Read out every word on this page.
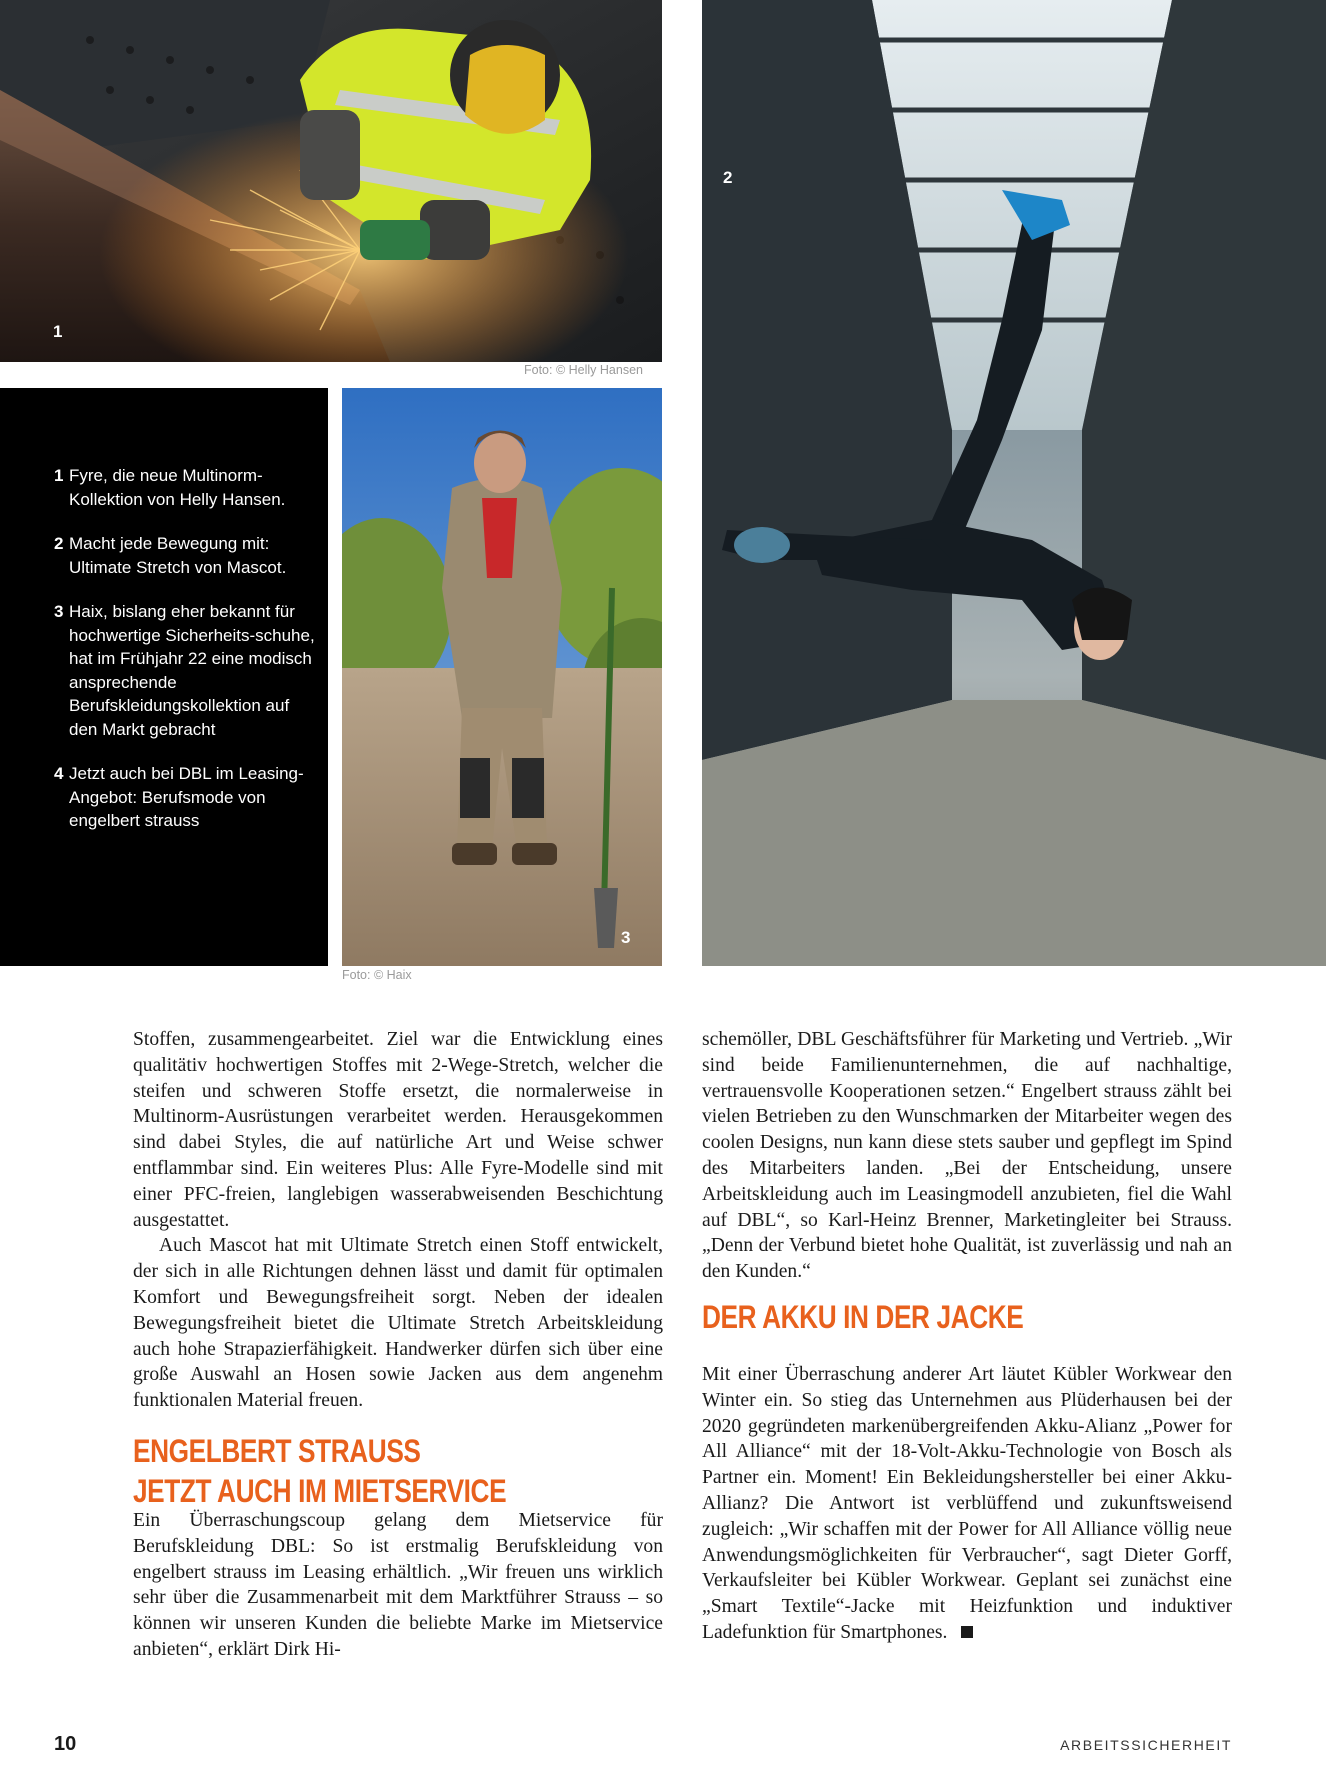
1
Foto: © Helly Hansen
2
1 Fyre, die neue Multinorm-Kollektion von Helly Hansen.
2 Macht jede Bewegung mit: Ultimate Stretch von Mascot.
3 Haix, bislang eher bekannt für hochwertige Sicherheits-schuhe, hat im Frühjahr 22 eine modisch ansprechende Berufskleidungskollektion auf den Markt gebracht
4 Jetzt auch bei DBL im Leasing-Angebot: Berufsmode von engelbert strauss
3
Foto: © Haix

Stoffen, zusammengearbeitet. Ziel war die Entwicklung eines qualitätiv hochwertigen Stoffes mit 2-Wege-Stretch, welcher die steifen und schweren Stoffe ersetzt, die normalerweise in Multinorm-Ausrüstungen verarbeitet werden. Herausgekommen sind dabei Styles, die auf natürliche Art und Weise schwer entflammbar sind. Ein weiteres Plus: Alle Fyre-Modelle sind mit einer PFC-freien, langlebigen wasserabweisenden Beschichtung ausgestattet.

Auch Mascot hat mit Ultimate Stretch einen Stoff entwickelt, der sich in alle Richtungen dehnen lässt und damit für optimalen Komfort und Bewegungsfreiheit sorgt. Neben der idealen Bewegungsfreiheit bietet die Ultimate Stretch Arbeitskleidung auch hohe Strapazierfähigkeit. Handwerker dürfen sich über eine große Auswahl an Hosen sowie Jacken aus dem angenehm funktionalen Material freuen.

ENGELBERT STRAUSS

JETZT AUCH IM MIETSERVICE

Ein Überraschungscoup gelang dem Mietservice für Berufskleidung DBL: So ist erstmalig Berufskleidung von engelbert strauss im Leasing erhältlich. „Wir freuen uns wirklich sehr über die Zusammenarbeit mit dem Marktführer Strauss – so können wir unseren Kunden die beliebte Marke im Mietservice anbieten“, erklärt Dirk Hi-

schemöller, DBL Geschäftsführer für Marketing und Vertrieb. „Wir sind beide Familienunternehmen, die auf nachhaltige, vertrauensvolle Kooperationen setzen.“ Engelbert strauss zählt bei vielen Betrieben zu den Wunschmarken der Mitarbeiter wegen des coolen Designs, nun kann diese stets sauber und gepflegt im Spind des Mitarbeiters landen. „Bei der Entscheidung, unsere Arbeitskleidung auch im Leasingmodell anzubieten, fiel die Wahl auf DBL“, so Karl-Heinz Brenner, Marketingleiter bei Strauss. „Denn der Verbund bietet hohe Qualität, ist zuverlässig und nah an den Kunden.“

DER AKKU IN DER JACKE

Mit einer Überraschung anderer Art läutet Kübler Workwear den Winter ein. So stieg das Unternehmen aus Plüderhausen bei der 2020 gegründeten markenübergreifenden Akku-Alianz „Power for All Alliance“ mit der 18-Volt-Akku-Technologie von Bosch als Partner ein. Moment! Ein Bekleidungshersteller bei einer Akku-Allianz? Die Antwort ist verblüffend und zukunftsweisend zugleich: „Wir schaffen mit der Power for All Alliance völlig neue Anwendungsmöglichkeiten für Verbraucher“, sagt Dieter Gorff, Verkaufsleiter bei Kübler Workwear. Geplant sei zunächst eine „Smart Textile“-Jacke mit Heizfunktion und induktiver Ladefunktion für Smartphones.

10	ARBEITSSICHERHEIT
